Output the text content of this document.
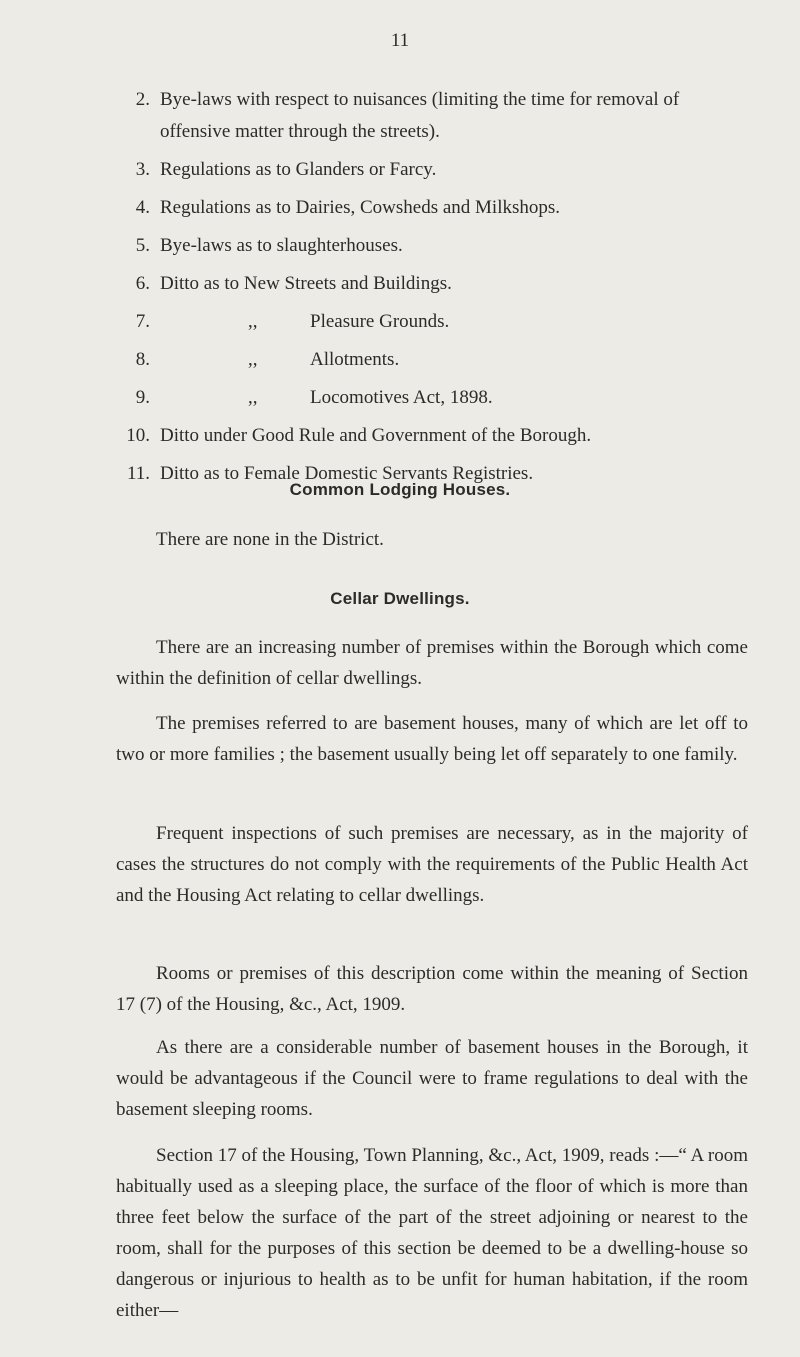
11
2. Bye-laws with respect to nuisances (limiting the time for removal of offensive matter through the streets).
3. Regulations as to Glanders or Farcy.
4. Regulations as to Dairies, Cowsheds and Milkshops.
5. Bye-laws as to slaughterhouses.
6. Ditto as to New Streets and Buildings.
7.	,,	Pleasure Grounds.
8.	,,	Allotments.
9.	,,	Locomotives Act, 1898.
10. Ditto under Good Rule and Government of the Borough.
11. Ditto as to Female Domestic Servants Registries.
Common Lodging Houses.

There are none in the District.

Cellar Dwellings.

There are an increasing number of premises within the Borough which come within the definition of cellar dwellings.

The premises referred to are basement houses, many of which are let off to two or more families ; the basement usually being let off separately to one family.

Frequent inspections of such premises are necessary, as in the majority of cases the structures do not comply with the requirements of the Public Health Act and the Housing Act relating to cellar dwellings.

Rooms or premises of this description come within the meaning of Section 17 (7) of the Housing, &c., Act, 1909.

As there are a considerable number of basement houses in the Borough, it would be advantageous if the Council were to frame regulations to deal with the basement sleeping rooms.

Section 17 of the Housing, Town Planning, &c., Act, 1909, reads :—“ A room habitually used as a sleeping place, the surface of the floor of which is more than three feet below the surface of the part of the street adjoining or nearest to the room, shall for the purposes of this section be deemed to be a dwelling-house so dangerous or injurious to health as to be unfit for human habitation, if the room either—
